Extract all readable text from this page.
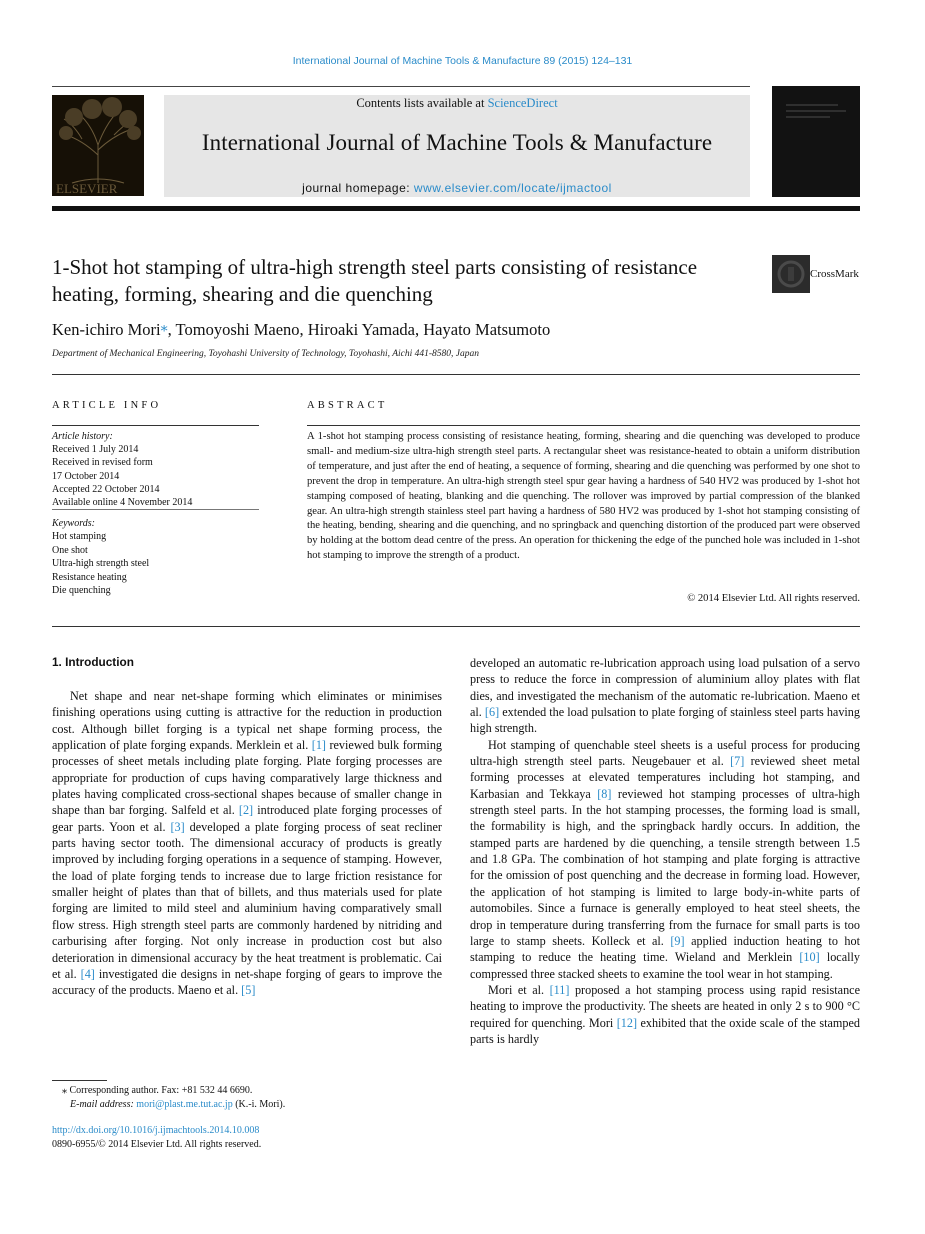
International Journal of Machine Tools & Manufacture 89 (2015) 124–131
ELSEVIER
Contents lists available at ScienceDirect
International Journal of Machine Tools & Manufacture
journal homepage: www.elsevier.com/locate/ijmactool
1-Shot hot stamping of ultra-high strength steel parts consisting of resistance heating, forming, shearing and die quenching
CrossMark
Ken-ichiro Mori⁎, Tomoyoshi Maeno, Hiroaki Yamada, Hayato Matsumoto
Department of Mechanical Engineering, Toyohashi University of Technology, Toyohashi, Aichi 441-8580, Japan
ARTICLE INFO	ABSTRACT
Article history:
Received 1 July 2014
Received in revised form
17 October 2014
Accepted 22 October 2014
Available online 4 November 2014
Keywords:
Hot stamping
One shot
Ultra-high strength steel
Resistance heating
Die quenching
A 1-shot hot stamping process consisting of resistance heating, forming, shearing and die quenching was developed to produce small- and medium-size ultra-high strength steel parts. A rectangular sheet was resistance-heated to obtain a uniform distribution of temperature, and just after the end of heating, a sequence of forming, shearing and die quenching was performed by one shot to prevent the drop in temperature. An ultra-high strength steel spur gear having a hardness of 540 HV2 was produced by 1-shot hot stamping composed of heating, blanking and die quenching. The rollover was improved by partial compression of the blanked gear. An ultra-high strength stainless steel part having a hardness of 580 HV2 was produced by 1-shot hot stamping consisting of the heating, bending, shearing and die quenching, and no springback and quenching distortion of the produced part were observed by holding at the bottom dead centre of the press. An operation for thickening the edge of the punched hole was included in 1-shot hot stamping to improve the strength of a product.
© 2014 Elsevier Ltd. All rights reserved.
1. Introduction

Net shape and near net-shape forming which eliminates or minimises finishing operations using cutting is attractive for the reduction in production cost. Although billet forging is a typical net shape forming process, the application of plate forging expands. Merklein et al. [1] reviewed bulk forming processes of sheet metals including plate forging. Plate forging processes are appropriate for production of cups having comparatively large thickness and plates having complicated cross-sectional shapes because of smaller change in shape than bar forging. Salfeld et al. [2] introduced plate forging processes of gear parts. Yoon et al. [3] developed a plate forging process of seat recliner parts having sector tooth. The dimensional accuracy of products is greatly improved by including forging operations in a sequence of stamping. However, the load of plate forging tends to increase due to large friction resistance for smaller height of plates than that of billets, and thus materials used for plate forging are limited to mild steel and aluminium having comparatively small flow stress. High strength steel parts are commonly hardened by nitriding and carburising after forging. Not only increase in production cost but also deterioration in dimensional accuracy by the heat treatment is problematic. Cai et al. [4] investigated die designs in net-shape forging of gears to improve the accuracy of the products. Maeno et al. [5]

developed an automatic re-lubrication approach using load pulsation of a servo press to reduce the force in compression of aluminium alloy plates with flat dies, and investigated the mechanism of the automatic re-lubrication. Maeno et al. [6] extended the load pulsation to plate forging of stainless steel parts having high strength.

Hot stamping of quenchable steel sheets is a useful process for producing ultra-high strength steel parts. Neugebauer et al. [7] reviewed sheet metal forming processes at elevated temperatures including hot stamping, and Karbasian and Tekkaya [8] reviewed hot stamping processes of ultra-high strength steel parts. In the hot stamping processes, the forming load is small, the formability is high, and the springback hardly occurs. In addition, the stamped parts are hardened by die quenching, a tensile strength between 1.5 and 1.8 GPa. The combination of hot stamping and plate forging is attractive for the omission of post quenching and the decrease in forming load. However, the application of hot stamping is limited to large body-in-white parts of automobiles. Since a furnace is generally employed to heat steel sheets, the drop in temperature during transferring from the furnace for small parts is too large to stamp sheets. Kolleck et al. [9] applied induction heating to hot stamping to reduce the heating time. Wieland and Merklein [10] locally compressed three stacked sheets to examine the tool wear in hot stamping.

Mori et al. [11] proposed a hot stamping process using rapid resistance heating to improve the productivity. The sheets are heated in only 2 s to 900 °C required for quenching. Mori [12] exhibited that the oxide scale of the stamped parts is hardly

⁎ Corresponding author. Fax: +81 532 44 6690.
E-mail address: mori@plast.me.tut.ac.jp (K.-i. Mori).
http://dx.doi.org/10.1016/j.ijmachtools.2014.10.008
0890-6955/© 2014 Elsevier Ltd. All rights reserved.
